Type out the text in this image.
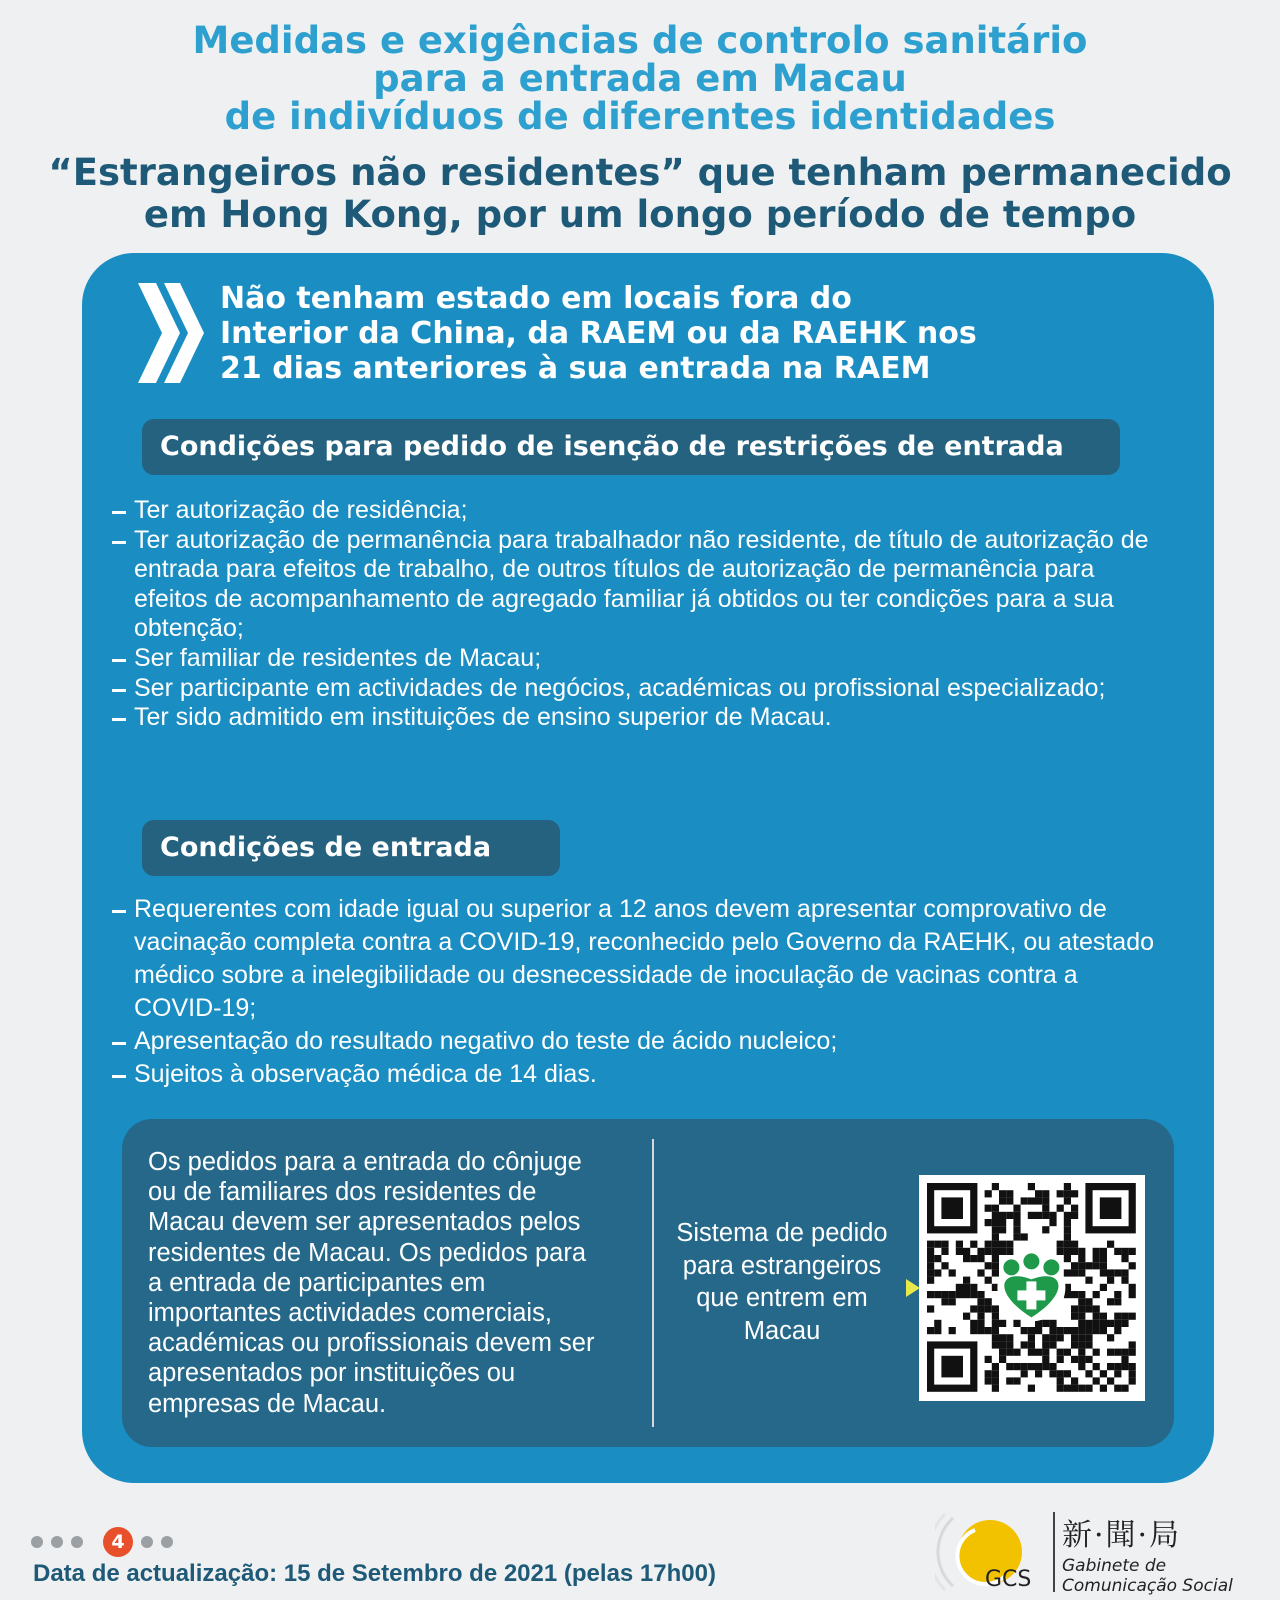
Medidas e exigências de controlo sanitário
para a entrada em Macau
de indivíduos de diferentes identidades
“Estrangeiros não residentes” que tenham permanecido
em Hong Kong, por um longo período de tempo
Não tenham estado em locais fora do
Interior da China, da RAEM ou da RAEHK nos
21 dias anteriores à sua entrada na RAEM
Condições para pedido de isenção de restrições de entrada
Ter autorização de residência;
Ter autorização de permanência para trabalhador não residente, de título de autorização de entrada para efeitos de trabalho, de outros títulos de autorização de permanência para efeitos de acompanhamento de agregado familiar já obtidos ou ter condições para a sua obtenção;
Ser familiar de residentes de Macau;
Ser participante em actividades de negócios, académicas ou profissional especializado;
Ter sido admitido em instituições de ensino superior de Macau.
Condições de entrada
Requerentes com idade igual ou superior a 12 anos devem apresentar comprovativo de vacinação completa contra a COVID-19, reconhecido pelo Governo da RAEHK, ou atestado médico sobre a inelegibilidade ou desnecessidade de inoculação de vacinas contra a COVID-19;
Apresentação do resultado negativo do teste de ácido nucleico;
Sujeitos à observação médica de 14 dias.
Os pedidos para a entrada do cônjuge
ou de familiares dos residentes de
Macau devem ser apresentados pelos
residentes de Macau. Os pedidos para
a entrada de participantes em
importantes actividades comerciais,
académicas ou profissionais devem ser
apresentados por instituições ou
empresas de Macau.
Sistema de pedido
para estrangeiros
que entrem em
Macau
4
Data de actualização: 15 de Setembro de 2021 (pelas 17h00)	GCS
新·聞·局
Gabinete de
Comunicação Social
